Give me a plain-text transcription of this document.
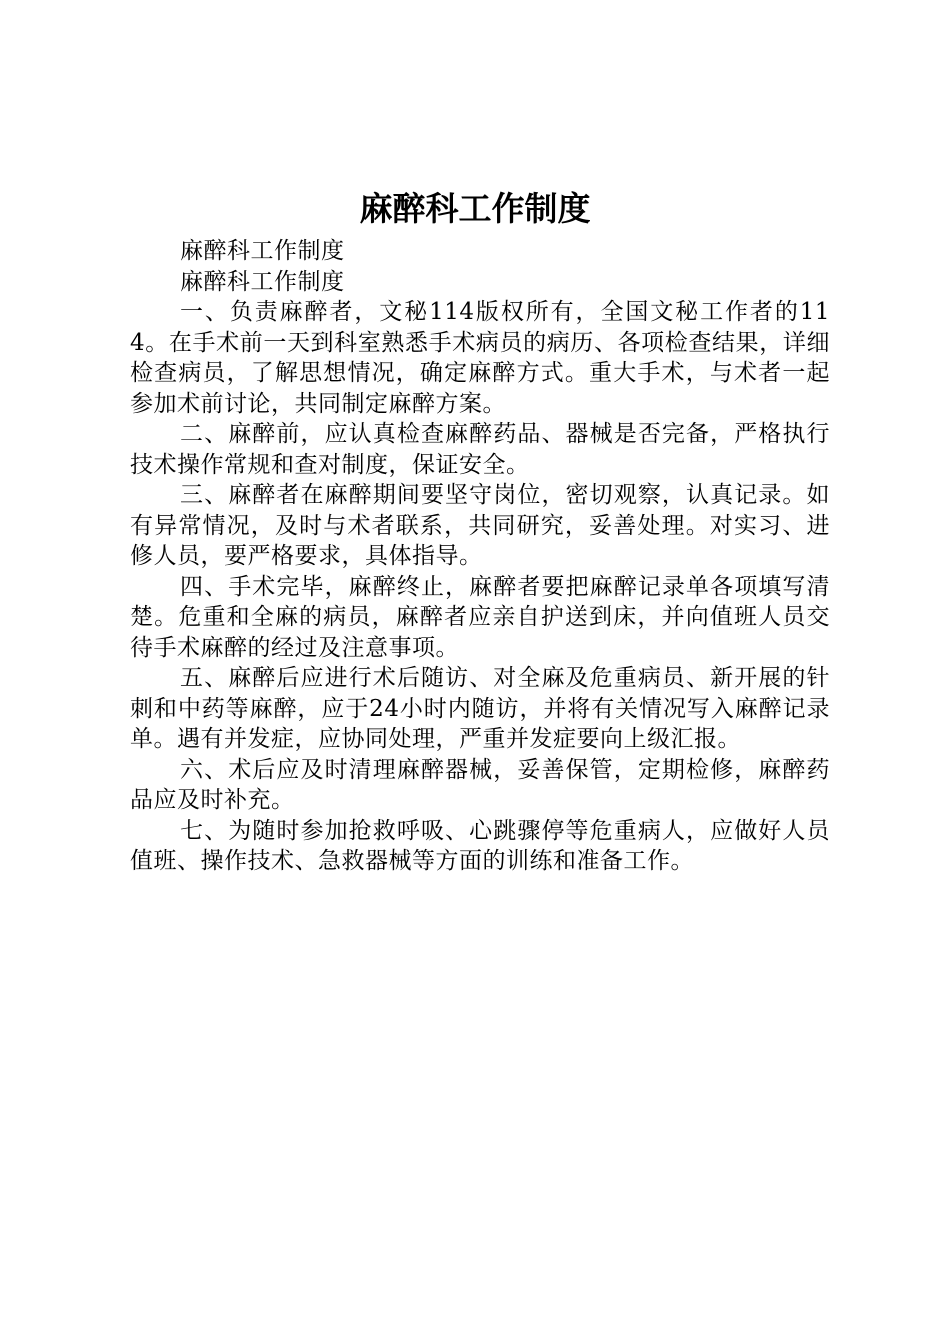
麻醉科工作制度

麻醉科工作制度

麻醉科工作制度

一、负责麻醉者，文秘114版权所有，全国文秘工作者的114。在手术前一天到科室熟悉手术病员的病历、各项检查结果，详细检查病员，了解思想情况，确定麻醉方式。重大手术，与术者一起参加术前讨论，共同制定麻醉方案。

二、麻醉前，应认真检查麻醉药品、器械是否完备，严格执行技术操作常规和查对制度，保证安全。

三、麻醉者在麻醉期间要坚守岗位，密切观察，认真记录。如有异常情况，及时与术者联系，共同研究，妥善处理。对实习、进修人员，要严格要求，具体指导。

四、手术完毕，麻醉终止，麻醉者要把麻醉记录单各项填写清楚。危重和全麻的病员，麻醉者应亲自护送到床，并向值班人员交待手术麻醉的经过及注意事项。

五、麻醉后应进行术后随访、对全麻及危重病员、新开展的针刺和中药等麻醉，应于24小时内随访，并将有关情况写入麻醉记录单。遇有并发症，应协同处理，严重并发症要向上级汇报。

六、术后应及时清理麻醉器械，妥善保管，定期检修，麻醉药品应及时补充。

七、为随时参加抢救呼吸、心跳骤停等危重病人，应做好人员值班、操作技术、急救器械等方面的训练和准备工作。
